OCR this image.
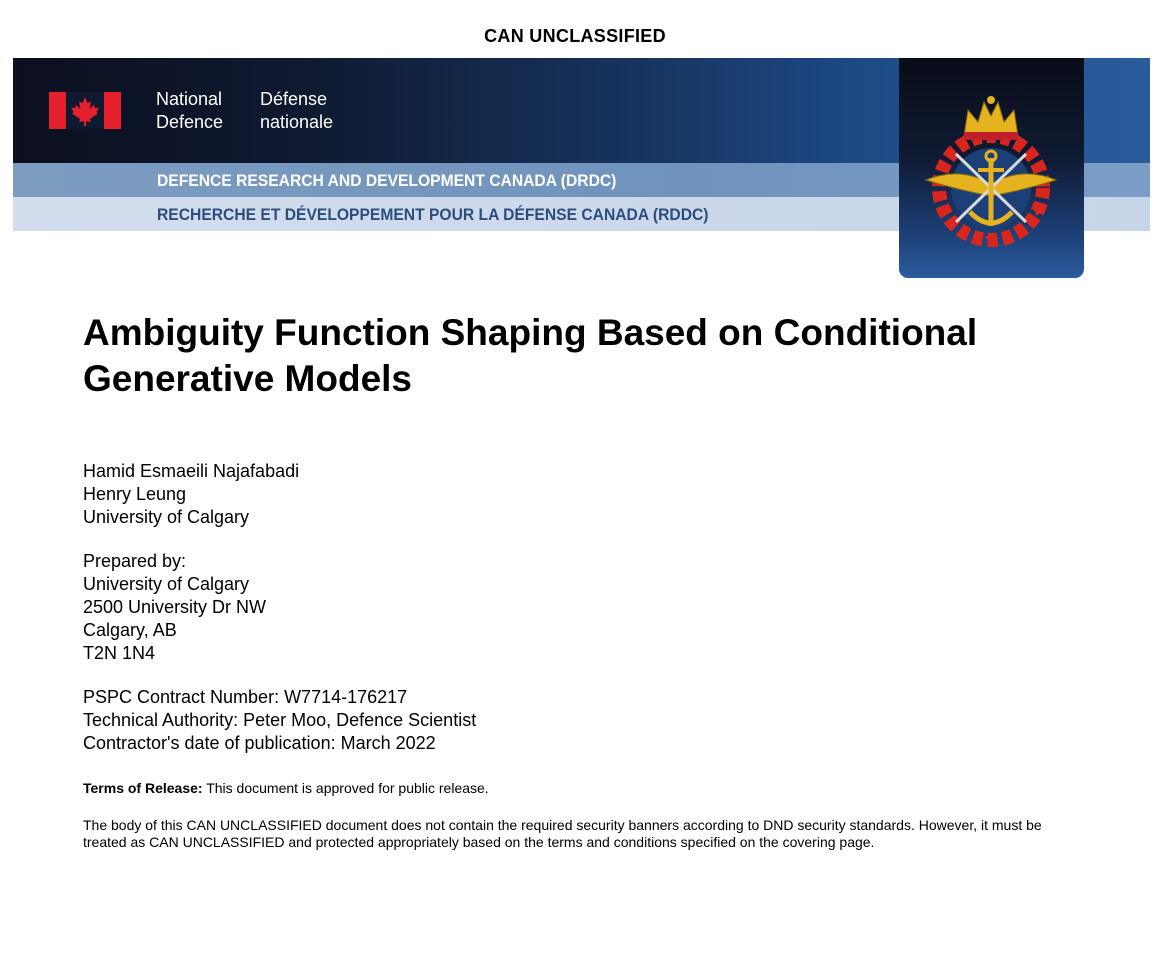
CAN UNCLASSIFIED
National
Defence
Défense
nationale
DEFENCE RESEARCH AND DEVELOPMENT CANADA (DRDC)
RECHERCHE ET DÉVELOPPEMENT POUR LA DÉFENSE CANADA (RDDC)
Ambiguity Function Shaping Based on Conditional
Generative Models
Hamid Esmaeili Najafabadi
Henry Leung
University of Calgary
Prepared by:
University of Calgary
2500 University Dr NW
Calgary, AB
T2N 1N4
PSPC Contract Number: W7714-176217
Technical Authority: Peter Moo, Defence Scientist
Contractor's date of publication: March 2022
Terms of Release: This document is approved for public release.
The body of this CAN UNCLASSIFIED document does not contain the required security banners according to DND security standards. However, it must be treated as CAN UNCLASSIFIED and protected appropriately based on the terms and conditions specified on the covering page.
